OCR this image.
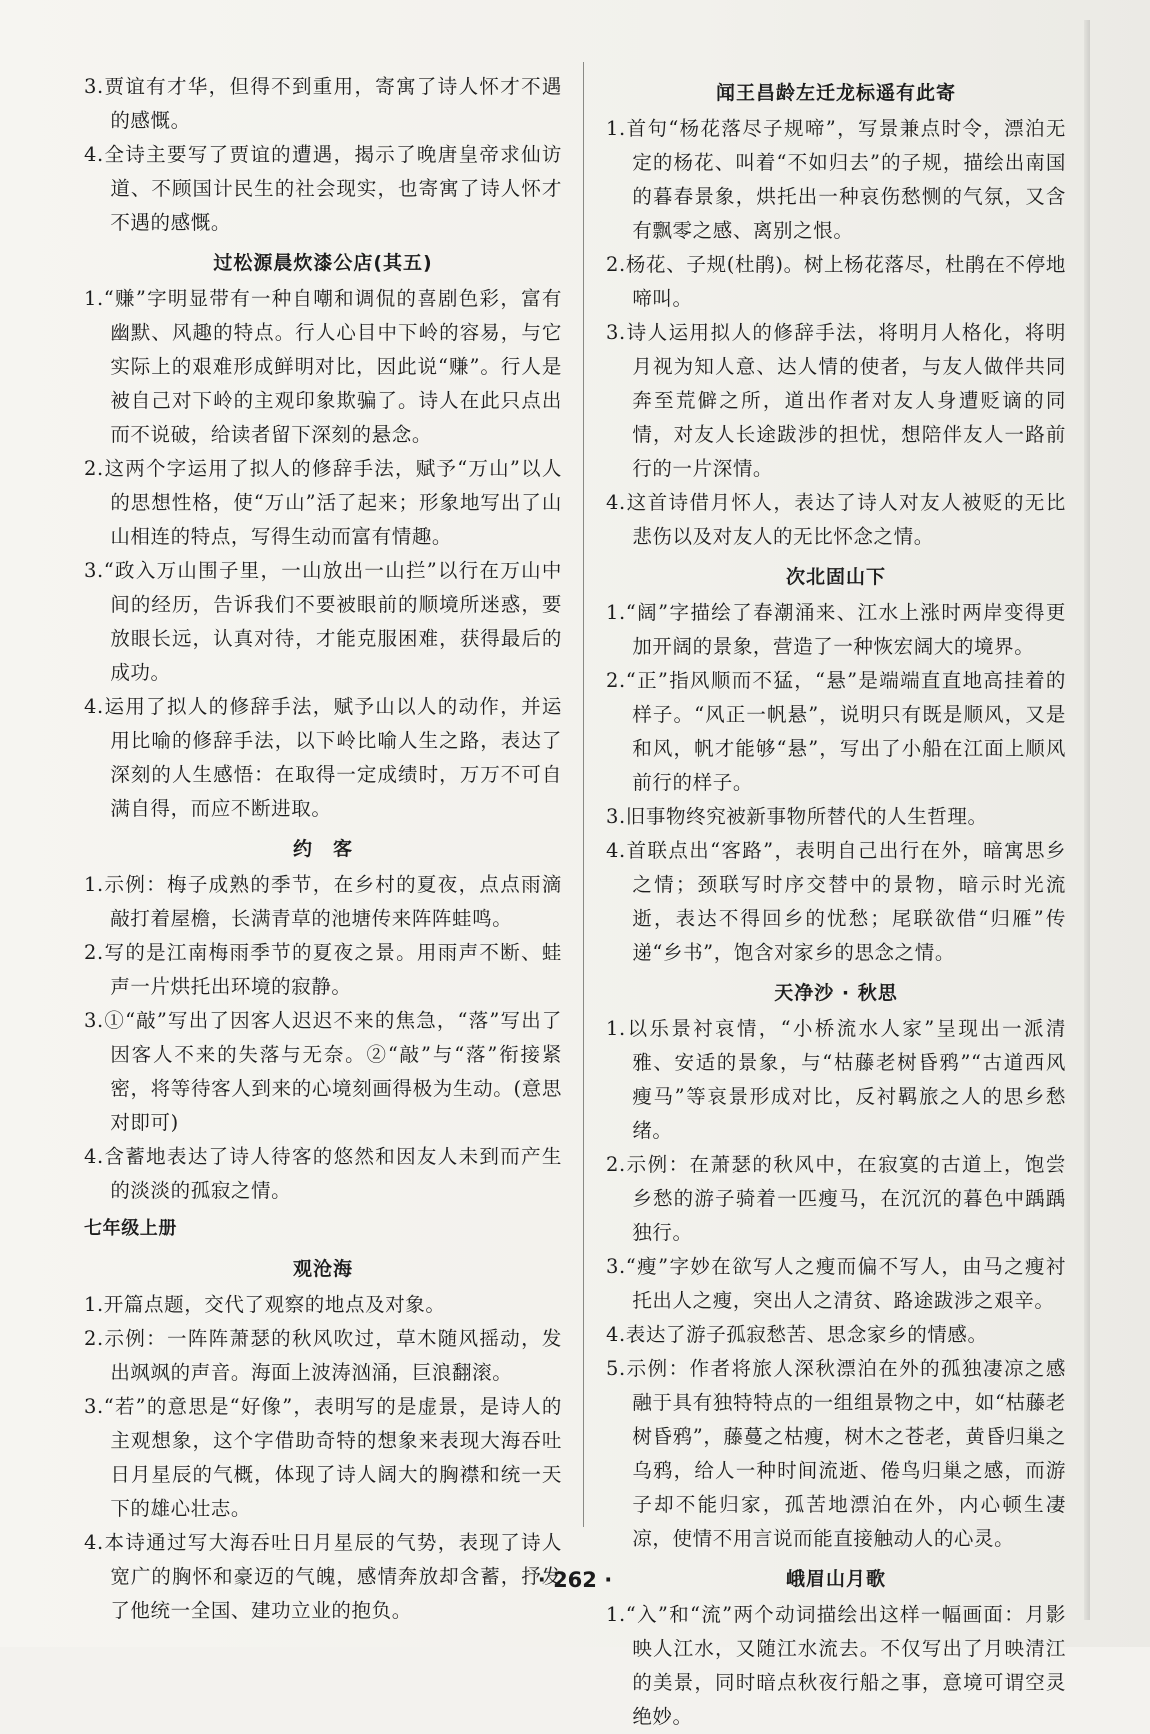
3.贾谊有才华，但得不到重用，寄寓了诗人怀才不遇的感慨。
4.全诗主要写了贾谊的遭遇，揭示了晚唐皇帝求仙访道、不顾国计民生的社会现实，也寄寓了诗人怀才不遇的感慨。
过松源晨炊漆公店(其五)
1.“赚”字明显带有一种自嘲和调侃的喜剧色彩，富有幽默、风趣的特点。行人心目中下岭的容易，与它实际上的艰难形成鲜明对比，因此说“赚”。行人是被自己对下岭的主观印象欺骗了。诗人在此只点出而不说破，给读者留下深刻的悬念。
2.这两个字运用了拟人的修辞手法，赋予“万山”以人的思想性格，使“万山”活了起来；形象地写出了山山相连的特点，写得生动而富有情趣。
3.“政入万山围子里，一山放出一山拦”以行在万山中间的经历，告诉我们不要被眼前的顺境所迷惑，要放眼长远，认真对待，才能克服困难，获得最后的成功。
4.运用了拟人的修辞手法，赋予山以人的动作，并运用比喻的修辞手法，以下岭比喻人生之路，表达了深刻的人生感悟：在取得一定成绩时，万万不可自满自得，而应不断进取。
约　客
1.示例：梅子成熟的季节，在乡村的夏夜，点点雨滴敲打着屋檐，长满青草的池塘传来阵阵蛙鸣。
2.写的是江南梅雨季节的夏夜之景。用雨声不断、蛙声一片烘托出环境的寂静。
3.①“敲”写出了因客人迟迟不来的焦急，“落”写出了因客人不来的失落与无奈。②“敲”与“落”衔接紧密，将等待客人到来的心境刻画得极为生动。(意思对即可)
4.含蓄地表达了诗人待客的悠然和因友人未到而产生的淡淡的孤寂之情。
七年级上册
观沧海
1.开篇点题，交代了观察的地点及对象。
2.示例：一阵阵萧瑟的秋风吹过，草木随风摇动，发出飒飒的声音。海面上波涛汹涌，巨浪翻滚。
3.“若”的意思是“好像”，表明写的是虚景，是诗人的主观想象，这个字借助奇特的想象来表现大海吞吐日月星辰的气概，体现了诗人阔大的胸襟和统一天下的雄心壮志。
4.本诗通过写大海吞吐日月星辰的气势，表现了诗人宽广的胸怀和豪迈的气魄，感情奔放却含蓄，抒发了他统一全国、建功立业的抱负。
闻王昌龄左迁龙标遥有此寄
1.首句“杨花落尽子规啼”，写景兼点时令，漂泊无定的杨花、叫着“不如归去”的子规，描绘出南国的暮春景象，烘托出一种哀伤愁恻的气氛，又含有飘零之感、离别之恨。
2.杨花、子规(杜鹃)。树上杨花落尽，杜鹃在不停地啼叫。
3.诗人运用拟人的修辞手法，将明月人格化，将明月视为知人意、达人情的使者，与友人做伴共同奔至荒僻之所，道出作者对友人身遭贬谪的同情，对友人长途跋涉的担忧，想陪伴友人一路前行的一片深情。
4.这首诗借月怀人，表达了诗人对友人被贬的无比悲伤以及对友人的无比怀念之情。
次北固山下
1.“阔”字描绘了春潮涌来、江水上涨时两岸变得更加开阔的景象，营造了一种恢宏阔大的境界。
2.“正”指风顺而不猛，“悬”是端端直直地高挂着的样子。“风正一帆悬”，说明只有既是顺风，又是和风，帆才能够“悬”，写出了小船在江面上顺风前行的样子。
3.旧事物终究被新事物所替代的人生哲理。
4.首联点出“客路”，表明自己出行在外，暗寓思乡之情；颈联写时序交替中的景物，暗示时光流逝，表达不得回乡的忧愁；尾联欲借“归雁”传递“乡书”，饱含对家乡的思念之情。
天净沙 · 秋思
1.以乐景衬哀情，“小桥流水人家”呈现出一派清雅、安适的景象，与“枯藤老树昏鸦”“古道西风瘦马”等哀景形成对比，反衬羁旅之人的思乡愁绪。
2.示例：在萧瑟的秋风中，在寂寞的古道上，饱尝乡愁的游子骑着一匹瘦马，在沉沉的暮色中踽踽独行。
3.“瘦”字妙在欲写人之瘦而偏不写人，由马之瘦衬托出人之瘦，突出人之清贫、路途跋涉之艰辛。
4.表达了游子孤寂愁苦、思念家乡的情感。
5.示例：作者将旅人深秋漂泊在外的孤独凄凉之感融于具有独特特点的一组组景物之中，如“枯藤老树昏鸦”，藤蔓之枯瘦，树木之苍老，黄昏归巢之乌鸦，给人一种时间流逝、倦鸟归巢之感，而游子却不能归家，孤苦地漂泊在外，内心顿生凄凉，使情不用言说而能直接触动人的心灵。
峨眉山月歌
1.“入”和“流”两个动词描绘出这样一幅画面：月影映人江水，又随江水流去。不仅写出了月映清江的美景，同时暗点秋夜行船之事，意境可谓空灵绝妙。
· 262 ·
